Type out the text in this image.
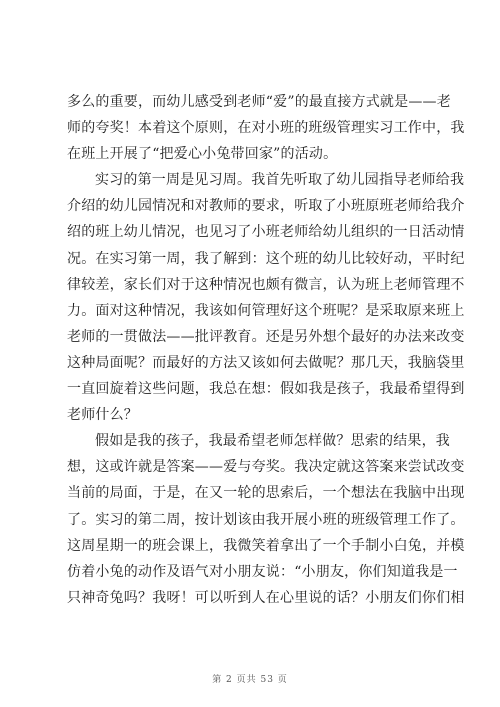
多么的重要，而幼儿感受到老师“爱”的最直接方式就是——老
师的夸奖！本着这个原则，在对小班的班级管理实习工作中，我
在班上开展了“把爱心小兔带回家”的活动。
实习的第一周是见习周。我首先听取了幼儿园指导老师给我
介绍的幼儿园情况和对教师的要求，听取了小班原班老师给我介
绍的班上幼儿情况，也见习了小班老师给幼儿组织的一日活动情
况。在实习第一周，我了解到：这个班的幼儿比较好动，平时纪
律较差，家长们对于这种情况也颇有微言，认为班上老师管理不
力。面对这种情况，我该如何管理好这个班呢？是采取原来班上
老师的一贯做法——批评教育。还是另外想个最好的办法来改变
这种局面呢？而最好的方法又该如何去做呢？那几天，我脑袋里
一直回旋着这些问题，我总在想：假如我是孩子，我最希望得到
老师什么？
假如是我的孩子，我最希望老师怎样做？思索的结果，我
想，这或许就是答案——爱与夸奖。我决定就这答案来尝试改变
当前的局面，于是，在又一轮的思索后，一个想法在我脑中出现
了。实习的第二周，按计划该由我开展小班的班级管理工作了。
这周星期一的班会课上，我微笑着拿出了一个手制小白兔，并模
仿着小兔的动作及语气对小朋友说：“小朋友，你们知道我是一
只神奇兔吗？我呀！可以听到人在心里说的话？小朋友们你们相
第 2 页共 53 页
